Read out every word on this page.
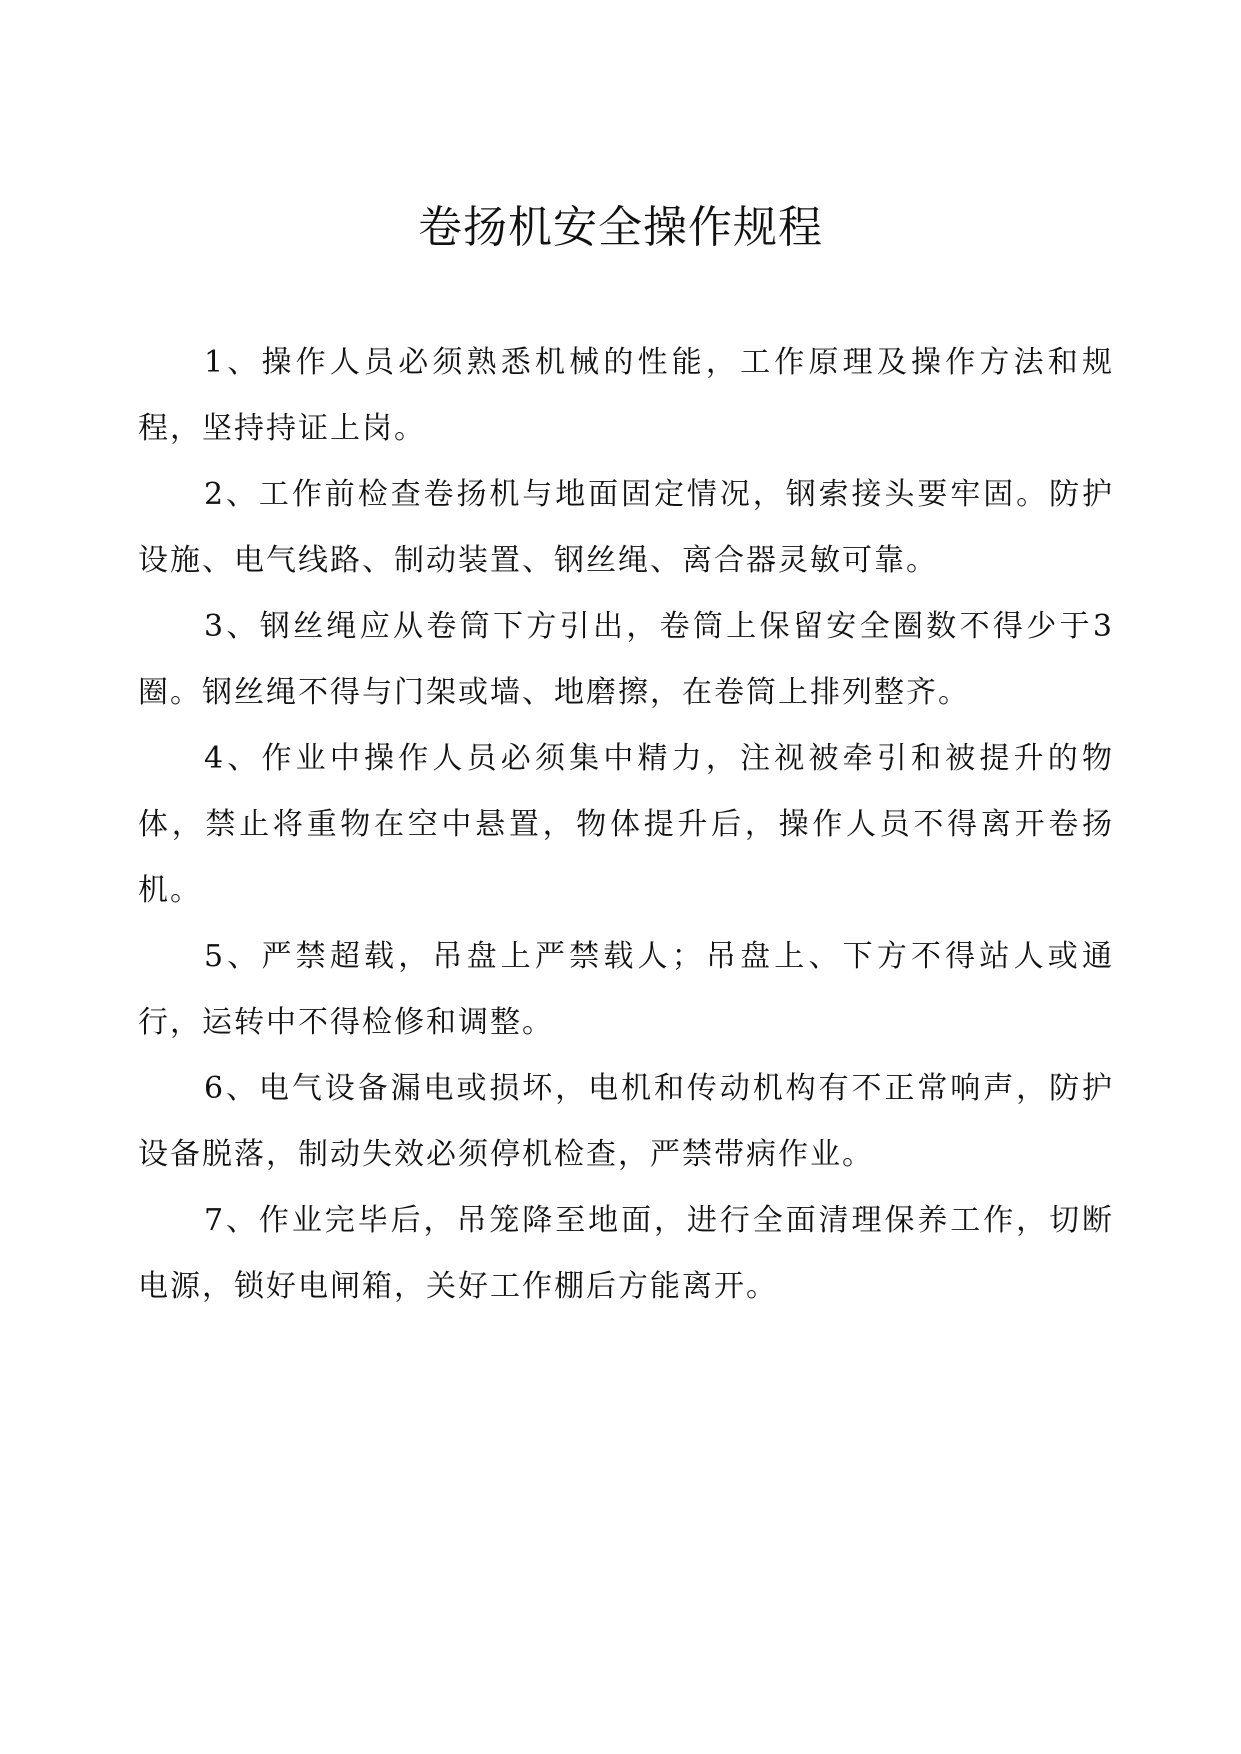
卷扬机安全操作规程

1、操作人员必须熟悉机械的性能，工作原理及操作方法和规程，坚持持证上岗。

2、工作前检查卷扬机与地面固定情况，钢索接头要牢固。防护设施、电气线路、制动装置、钢丝绳、离合器灵敏可靠。

3、钢丝绳应从卷筒下方引出，卷筒上保留安全圈数不得少于3圈。钢丝绳不得与门架或墙、地磨擦，在卷筒上排列整齐。

4、作业中操作人员必须集中精力，注视被牵引和被提升的物体，禁止将重物在空中悬置，物体提升后，操作人员不得离开卷扬机。

5、严禁超载，吊盘上严禁载人；吊盘上、下方不得站人或通行，运转中不得检修和调整。

6、电气设备漏电或损坏，电机和传动机构有不正常响声，防护设备脱落，制动失效必须停机检查，严禁带病作业。

7、作业完毕后，吊笼降至地面，进行全面清理保养工作，切断电源，锁好电闸箱，关好工作棚后方能离开。
